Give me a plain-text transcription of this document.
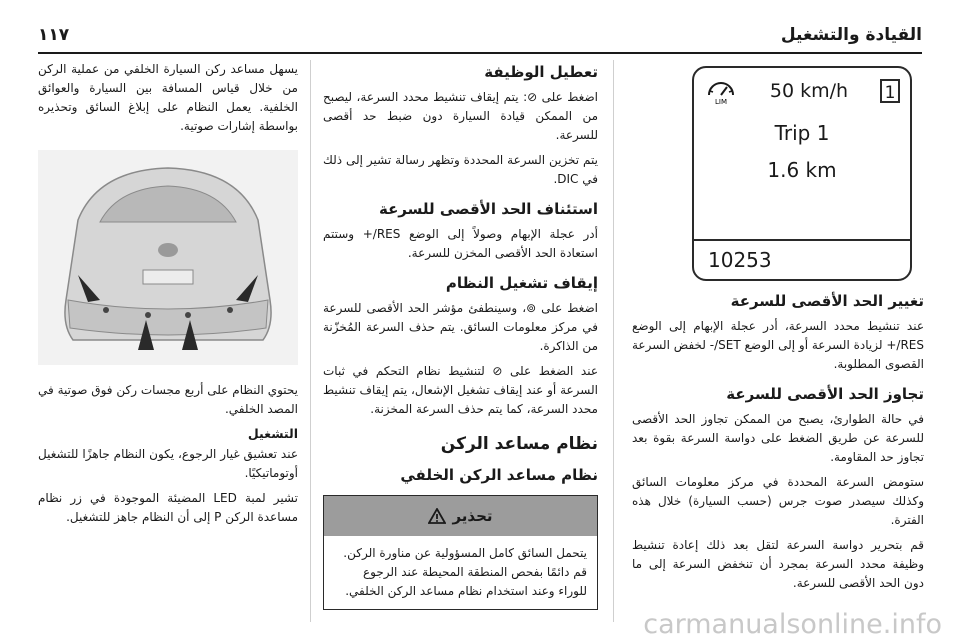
١١٧	القيادة والتشغيل
LIM
50 km/h 1
Trip 1
1.6 km
10253
تغيير الحد الأقصى للسرعة

عند تنشيط محدد السرعة، أدر عجلة الإبهام إلى الوضع RES/+ لزيادة السرعة أو إلى الوضع SET/- لخفض السرعة القصوى المطلوبة.

تجاوز الحد الأقصى للسرعة

في حالة الطوارئ، يصبح من الممكن تجاوز الحد الأقصى للسرعة عن طريق الضغط على دواسة السرعة بقوة بعد تجاوز حد المقاومة.

ستومض السرعة المحددة في مركز معلومات السائق وكذلك سيصدر صوت جرس (حسب السيارة) خلال هذه الفترة.

قم بتحرير دواسة السرعة لتقل بعد ذلك إعادة تنشيط وظيفة محدد السرعة بمجرد أن تنخفض السرعة إلى ما دون الحد الأقصى للسرعة.

تعطيل الوظيفة

اضغط على ⊘: يتم إيقاف تنشيط محدد السرعة، ليصبح من الممكن قيادة السيارة دون ضبط حد أقصى للسرعة.

يتم تخزين السرعة المحددة وتظهر رسالة تشير إلى ذلك في DIC.

استئناف الحد الأقصى للسرعة

أدر عجلة الإبهام وصولاً إلى الوضع RES/+ وستتم استعادة الحد الأقصى المخزن للسرعة.

إيقاف تشغيل النظام

اضغط على ⊚، وسينطفئ مؤشر الحد الأقصى للسرعة في مركز معلومات السائق. يتم حذف السرعة المُخزّنة من الذاكرة.

عند الضغط على ⊘ لتنشيط نظام التحكم في ثبات السرعة أو عند إيقاف تشغيل الإشعال، يتم إيقاف تنشيط محدد السرعة، كما يتم حذف السرعة المخزنة.

نظام مساعد الركن
نظام مساعد الركن الخلفي
تحذير
يتحمل السائق كامل المسؤولية عن مناورة الركن. قم دائمًا بفحص المنطقة المحيطة عند الرجوع للوراء وعند استخدام نظام مساعد الركن الخلفي.

يسهل مساعد ركن السيارة الخلفي من عملية الركن من خلال قياس المسافة بين السيارة والعوائق الخلفية. يعمل النظام على إبلاغ السائق وتحذيره بواسطة إشارات صوتية.

يحتوي النظام على أربع مجسات ركن فوق صوتية في المصد الخلفي.

التشغيل

عند تعشيق غيار الرجوع، يكون النظام جاهزًا للتشغيل أوتوماتيكيًا.

تشير لمبة LED المضيئة الموجودة في زر نظام مساعدة الركن P إلى أن النظام جاهز للتشغيل.

carmanualsonline.info
